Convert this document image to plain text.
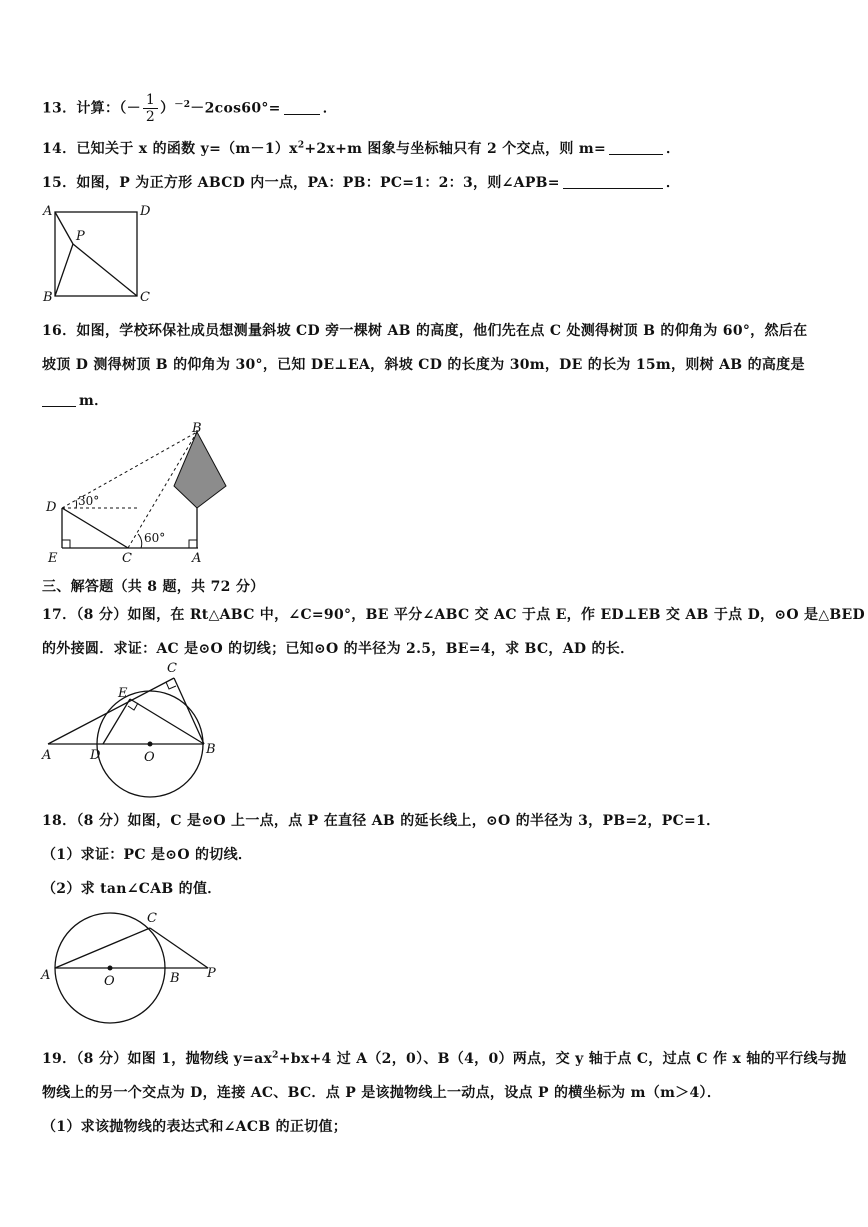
13．计算：（－ $\frac{1}{2} )^{-2}-2\cos 60^\circ=$	．
14．已知关于 x 的函数 $y=(m-1)x^2+2x+m$ 图象与坐标轴只有 2 个交点，则 m=	．
15．如图，P 为正方形 ABCD 内一点，PA：PB：PC=1：2：3，则∠APB=	．
A	D
B	C
P
16．如图，学校环保社成员想测量斜坡 CD 旁一棵树 AB 的高度，他们先在点 C 处测得树顶 B 的仰角为 60°，然后在
坡顶 D 测得树顶 B 的仰角为 30°，已知 DE⊥EA，斜坡 CD 的长度为 30m，DE 的长为 15m，则树 AB 的高度是
m．
B
D
E	C	A
30°
60°
三、解答题（共 8 题，共 72 分）
17．（8 分）如图，在 Rt△ABC 中，∠C=90°，BE 平分∠ABC 交 AC 于点 E，作 ED⊥EB 交 AB 于点 D，⊙O 是△BED
的外接圆．求证：AC 是⊙O 的切线；已知⊙O 的半径为 2.5，BE=4，求 BC，AD 的长．
C
E
A	D	O
B
18．（8 分）如图，C 是⊙O 上一点，点 P 在直径 AB 的延长线上，⊙O 的半径为 3，PB=2，PC=1．
（1）求证：PC 是⊙O 的切线．
（2）求 tan∠CAB 的值．
C
A	O	B P
19．（8 分）如图 1，抛物线 $y=ax^2+bx+4$ 过 A（2，0）、B（4，0）两点，交 y 轴于点 C，过点 C 作 x 轴的平行线与抛
物线上的另一个交点为 D，连接 AC、BC．点 P 是该抛物线上一动点，设点 P 的横坐标为 m（m＞4）．
（1）求该抛物线的表达式和∠ACB 的正切值；
